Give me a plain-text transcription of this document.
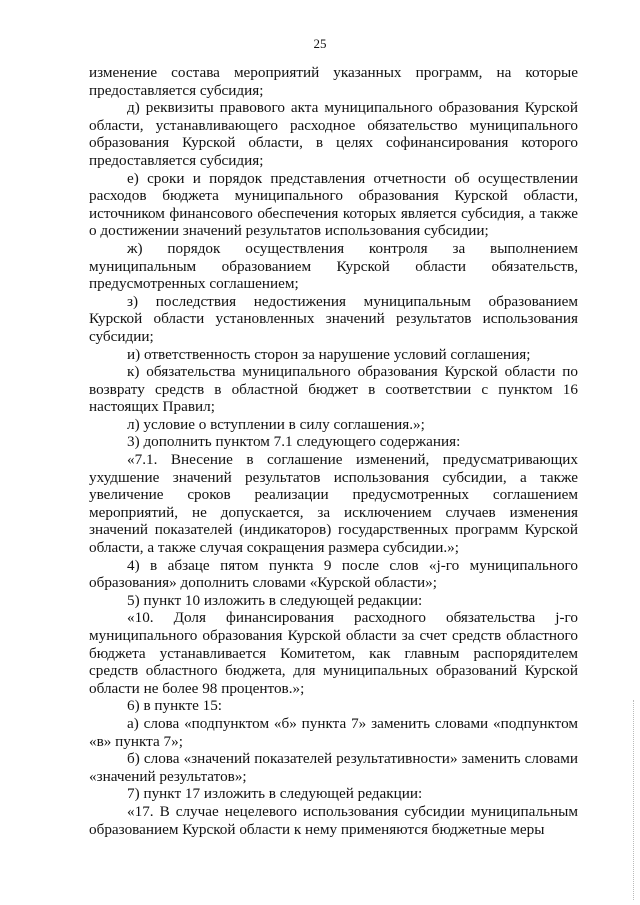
25

изменение состава мероприятий указанных программ, на которые предоставляется субсидия;

д) реквизиты правового акта муниципального образования Курской области, устанавливающего расходное обязательство муниципального образования Курской области, в целях софинансирования которого предоставляется субсидия;

е) сроки и порядок представления отчетности об осуществлении расходов бюджета муниципального образования Курской области, источником финансового обеспечения которых является субсидия, а также о достижении значений результатов использования субсидии;

ж) порядок осуществления контроля за выполнением муниципальным образованием Курской области обязательств, предусмотренных соглашением;

з) последствия недостижения муниципальным образованием Курской области установленных значений результатов использования субсидии;

и) ответственность сторон за нарушение условий соглашения;

к) обязательства муниципального образования Курской области по возврату средств в областной бюджет в соответствии с пунктом 16 настоящих Правил;

л) условие о вступлении в силу соглашения.»;

3) дополнить пунктом 7.1 следующего содержания:

«7.1. Внесение в соглашение изменений, предусматривающих ухудшение значений результатов использования субсидии, а также увеличение сроков реализации предусмотренных соглашением мероприятий, не допускается, за исключением случаев изменения значений показателей (индикаторов) государственных программ Курской области, а также случая сокращения размера субсидии.»;

4) в абзаце пятом пункта 9 после слов «j-го муниципального образования» дополнить словами «Курской области»;

5) пункт 10 изложить в следующей редакции:

«10. Доля финансирования расходного обязательства j-го муниципального образования Курской области за счет средств областного бюджета устанавливается Комитетом, как главным распорядителем средств областного бюджета, для муниципальных образований Курской области не более 98 процентов.»;

6) в пункте 15:

а) слова «подпунктом «б» пункта 7» заменить словами «подпунктом «в» пункта 7»;

б) слова «значений показателей результативности» заменить словами «значений результатов»;

7) пункт 17 изложить в следующей редакции:

«17. В случае нецелевого использования субсидии муниципальным образованием Курской области к нему применяются бюджетные меры
